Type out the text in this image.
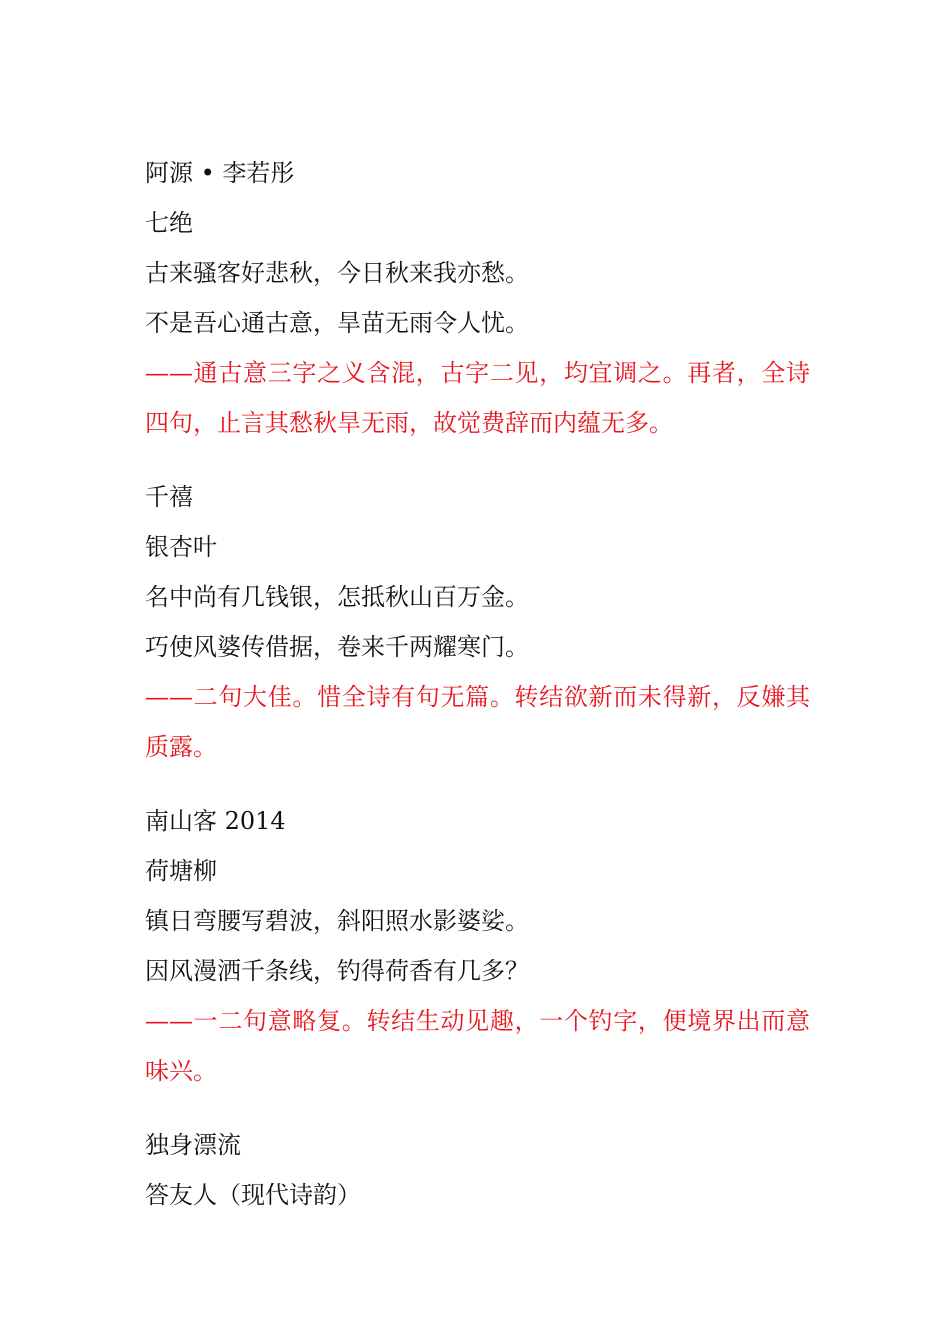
阿源 • 李若彤
七绝
古来骚客好悲秋，今日秋来我亦愁。
不是吾心通古意，旱苗无雨令人忧。
——通古意三字之义含混，古字二见，均宜调之。再者，全诗四句，止言其愁秋旱无雨，故觉费辞而内蕴无多。
千禧
银杏叶
名中尚有几钱银，怎抵秋山百万金。
巧使风婆传借据，卷来千两耀寒门。
——二句大佳。惜全诗有句无篇。转结欲新而未得新，反嫌其质露。
南山客 2014
荷塘柳
镇日弯腰写碧波，斜阳照水影婆娑。
因风漫洒千条线，钓得荷香有几多？
——一二句意略复。转结生动见趣，一个钓字，便境界出而意味兴。
独身漂流
答友人（现代诗韵）
